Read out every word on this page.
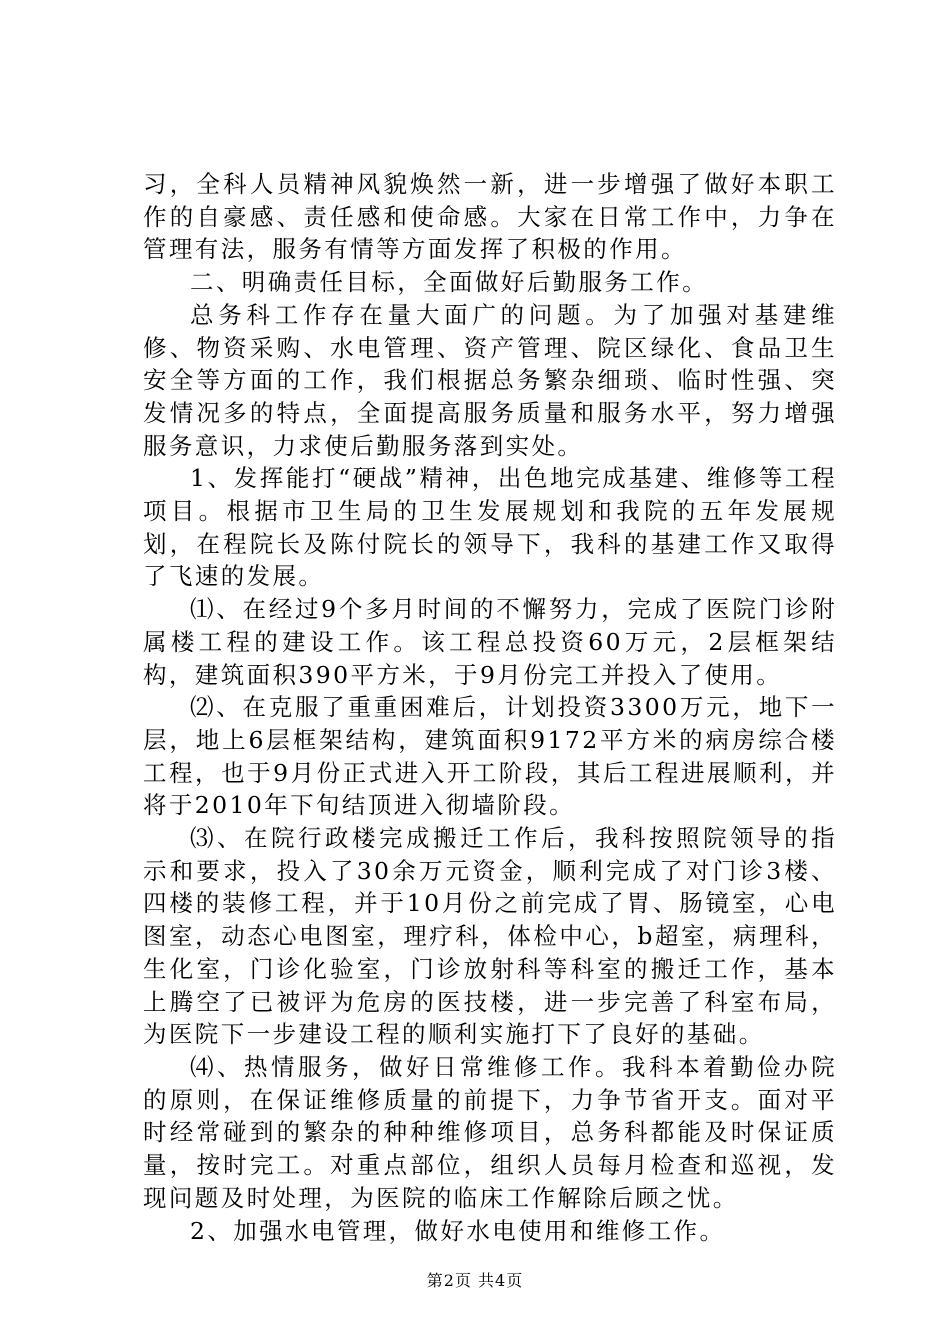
习，全科人员精神风貌焕然一新，进一步增强了做好本职工作的自豪感、责任感和使命感。大家在日常工作中，力争在管理有法，服务有情等方面发挥了积极的作用。

二、明确责任目标，全面做好后勤服务工作。

总务科工作存在量大面广的问题。为了加强对基建维修、物资采购、水电管理、资产管理、院区绿化、食品卫生安全等方面的工作，我们根据总务繁杂细琐、临时性强、突发情况多的特点，全面提高服务质量和服务水平，努力增强服务意识，力求使后勤服务落到实处。

1、发挥能打“硬战”精神，出色地完成基建、维修等工程项目。根据市卫生局的卫生发展规划和我院的五年发展规划，在程院长及陈付院长的领导下，我科的基建工作又取得了飞速的发展。

⑴、在经过9个多月时间的不懈努力，完成了医院门诊附属楼工程的建设工作。该工程总投资60万元，2层框架结构，建筑面积390平方米，于9月份完工并投入了使用。

⑵、在克服了重重困难后，计划投资3300万元，地下一层，地上6层框架结构，建筑面积9172平方米的病房综合楼工程，也于9月份正式进入开工阶段，其后工程进展顺利，并将于2010年下旬结顶进入彻墙阶段。

⑶、在院行政楼完成搬迁工作后，我科按照院领导的指示和要求，投入了30余万元资金，顺利完成了对门诊3楼、四楼的装修工程，并于10月份之前完成了胃、肠镜室，心电图室，动态心电图室，理疗科，体检中心，b超室，病理科，生化室，门诊化验室，门诊放射科等科室的搬迁工作，基本上腾空了已被评为危房的医技楼，进一步完善了科室布局，为医院下一步建设工程的顺利实施打下了良好的基础。

⑷、热情服务，做好日常维修工作。我科本着勤俭办院的原则，在保证维修质量的前提下，力争节省开支。面对平时经常碰到的繁杂的种种维修项目，总务科都能及时保证质量，按时完工。对重点部位，组织人员每月检查和巡视，发现问题及时处理，为医院的临床工作解除后顾之忧。

2、加强水电管理，做好水电使用和维修工作。

第2页 共4页
